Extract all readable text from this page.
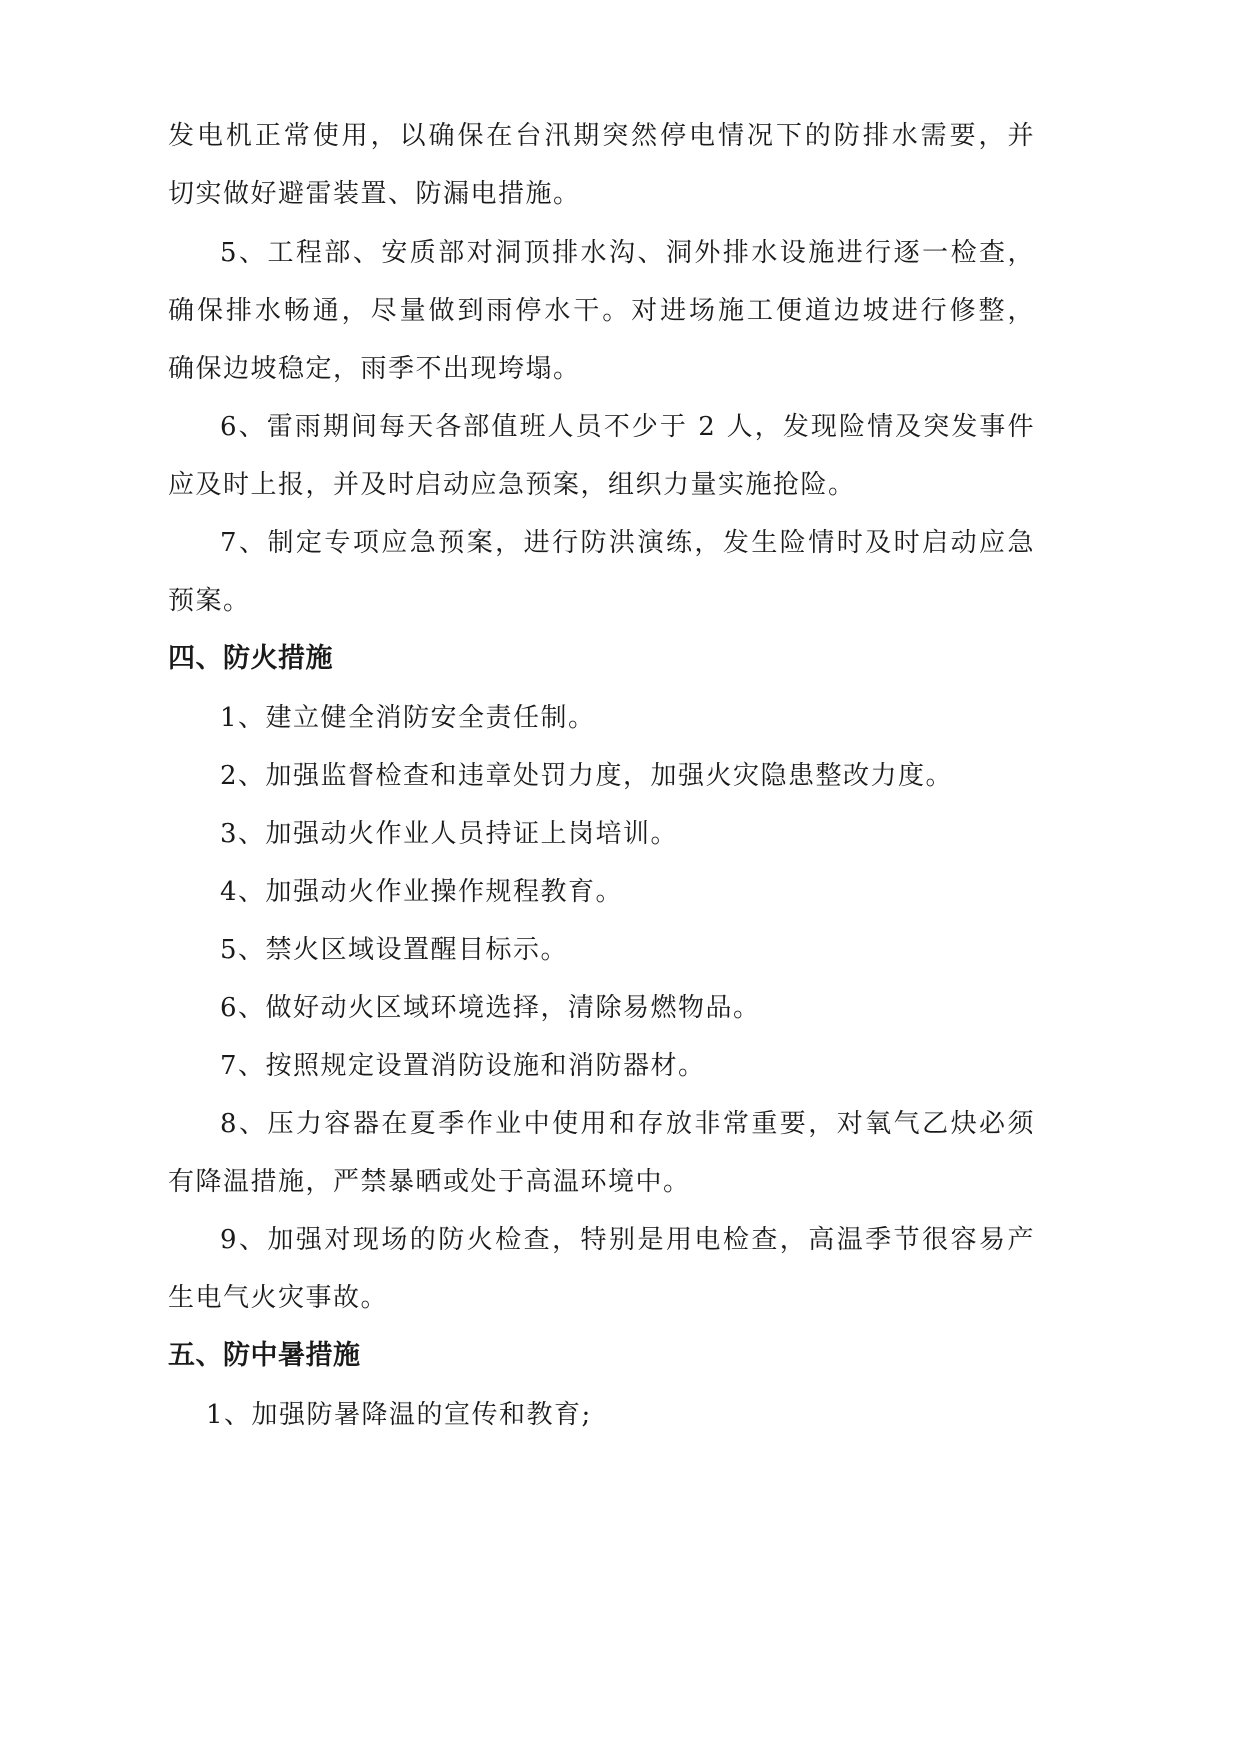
发电机正常使用，以确保在台汛期突然停电情况下的防排水需要，并
切实做好避雷装置、防漏电措施。
5、工程部、安质部对洞顶排水沟、洞外排水设施进行逐一检查，
确保排水畅通，尽量做到雨停水干。对进场施工便道边坡进行修整，
确保边坡稳定，雨季不出现垮塌。
6、雷雨期间每天各部值班人员不少于 2 人，发现险情及突发事件
应及时上报，并及时启动应急预案，组织力量实施抢险。
7、制定专项应急预案，进行防洪演练，发生险情时及时启动应急
预案。
四、防火措施
1、建立健全消防安全责任制。
2、加强监督检查和违章处罚力度，加强火灾隐患整改力度。
3、加强动火作业人员持证上岗培训。
4、加强动火作业操作规程教育。
5、禁火区域设置醒目标示。
6、做好动火区域环境选择，清除易燃物品。
7、按照规定设置消防设施和消防器材。
8、压力容器在夏季作业中使用和存放非常重要，对氧气乙炔必须
有降温措施，严禁暴晒或处于高温环境中。
9、加强对现场的防火检查，特别是用电检查，高温季节很容易产
生电气火灾事故。
五、防中暑措施
1、加强防暑降温的宣传和教育;
